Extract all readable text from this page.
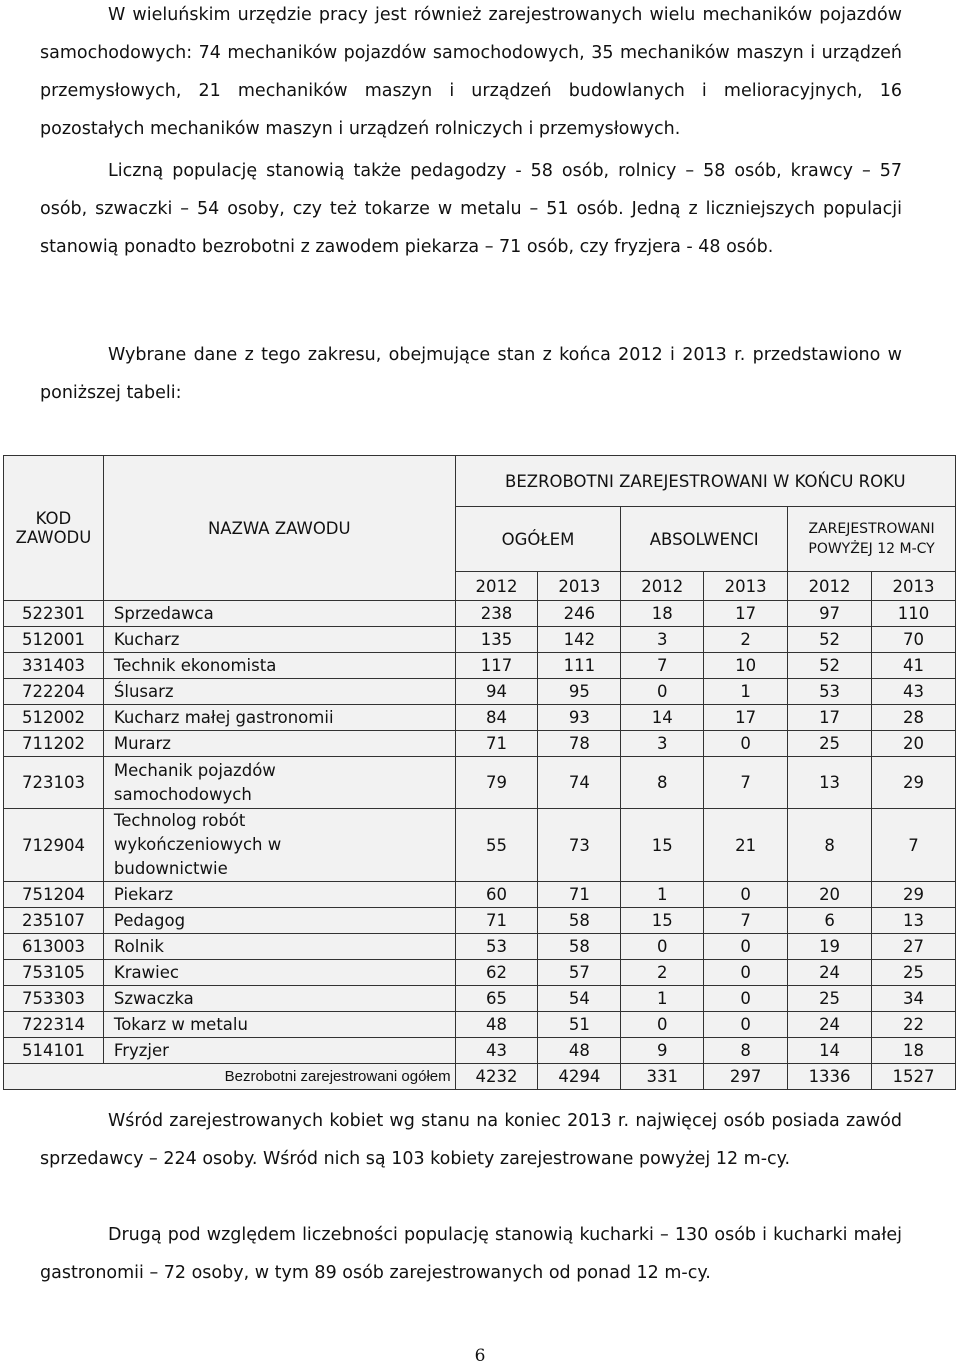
W wieluńskim urzędzie pracy jest również zarejestrowanych wielu mechaników pojazdów samochodowych: 74 mechaników pojazdów samochodowych, 35 mechaników maszyn i urządzeń przemysłowych, 21 mechaników maszyn i urządzeń budowlanych i melioracyjnych, 16 pozostałych mechaników maszyn i urządzeń rolniczych i przemysłowych.
Liczną populację stanowią także pedagodzy - 58 osób, rolnicy – 58 osób, krawcy – 57 osób, szwaczki – 54 osoby, czy też tokarze w metalu – 51 osób. Jedną z liczniejszych populacji stanowią ponadto bezrobotni z zawodem piekarza – 71 osób, czy fryzjera - 48 osób.
Wybrane dane z tego zakresu, obejmujące stan z końca 2012 i 2013 r. przedstawiono w poniższej tabeli:
KOD ZAWODU	NAZWA ZAWODU	BEZROBOTNI ZAREJESTROWANI W KOŃCU ROKU					
		OGÓŁEM		ABSOLWENCI		ZAREJESTROWANI POWYŻEJ 12 M-CY	
		2012	2013	2012	2013	2012	2013
522301	Sprzedawca	238	246	18	17	97	110
512001	Kucharz	135	142	3	2	52	70
331403	Technik ekonomista	117	111	7	10	52	41
722204	Ślusarz	94	95	0	1	53	43
512002	Kucharz małej gastronomii	84	93	14	17	17	28
711202	Murarz	71	78	3	0	25	20
723103	Mechanik pojazdów samochodowych	79	74	8	7	13	29
712904	Technolog robót wykończeniowych w budownictwie	55	73	15	21	8	7
751204	Piekarz	60	71	1	0	20	29
235107	Pedagog	71	58	15	7	6	13
613003	Rolnik	53	58	0	0	19	27
753105	Krawiec	62	57	2	0	24	25
753303	Szwaczka	65	54	1	0	25	34
722314	Tokarz w metalu	48	51	0	0	24	22
514101	Fryzjer	43	48	9	8	14	18
Bezrobotni zarejestrowani ogółem		4232	4294	331	297	1336	1527
Wśród zarejestrowanych kobiet wg stanu na koniec 2013 r. najwięcej osób posiada zawód sprzedawcy – 224 osoby. Wśród nich są 103 kobiety zarejestrowane powyżej 12 m-cy.
Drugą pod względem liczebności populację stanowią kucharki – 130 osób i kucharki małej gastronomii – 72 osoby, w tym 89 osób zarejestrowanych od ponad 12 m-cy.
6
